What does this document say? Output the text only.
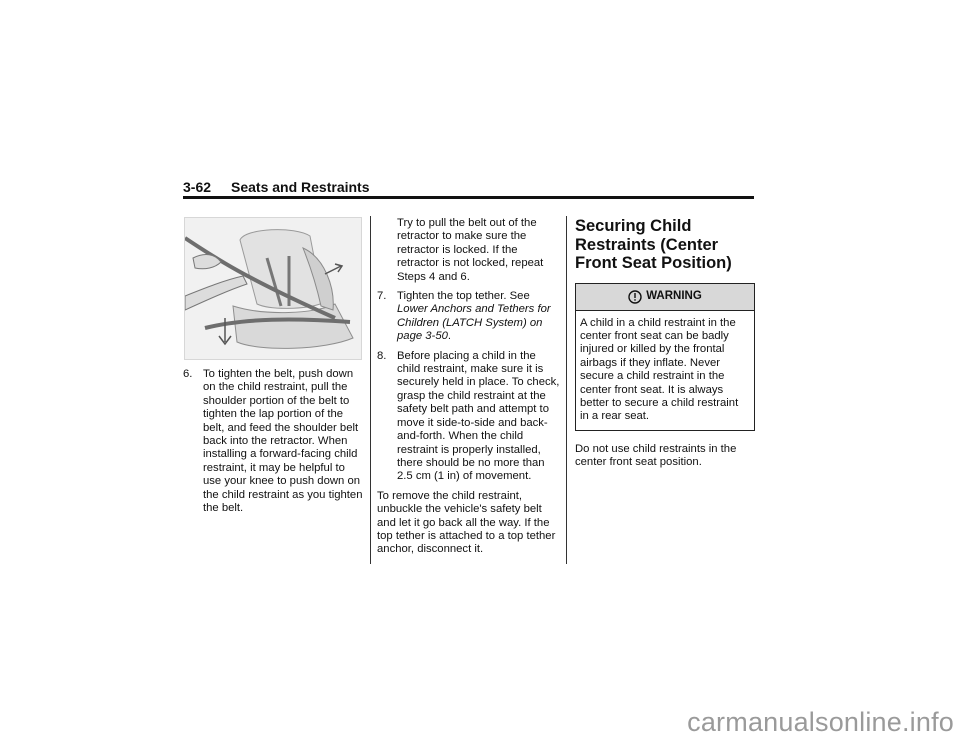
3-62 Seats and Restraints
6. To tighten the belt, push down on the child restraint, pull the shoulder portion of the belt to tighten the lap portion of the belt, and feed the shoulder belt back into the retractor. When installing a forward-facing child restraint, it may be helpful to use your knee to push down on the child restraint as you tighten the belt.
Try to pull the belt out of the retractor to make sure the retractor is locked. If the retractor is not locked, repeat Steps 4 and 6.
7. Tighten the top tether. See Lower Anchors and Tethers for Children (LATCH System) on page 3-50.
8. Before placing a child in the child restraint, make sure it is securely held in place. To check, grasp the child restraint at the safety belt path and attempt to move it side-to-side and back-and-forth. When the child restraint is properly installed, there should be no more than 2.5 cm (1 in) of movement.

To remove the child restraint, unbuckle the vehicle's safety belt and let it go back all the way. If the top tether is attached to a top tether anchor, disconnect it.

Securing Child Restraints (Center Front Seat Position)
WARNING
A child in a child restraint in the center front seat can be badly injured or killed by the frontal airbags if they inflate. Never secure a child restraint in the center front seat. It is always better to secure a child restraint in a rear seat.

Do not use child restraints in the center front seat position.

carmanualsonline.info
